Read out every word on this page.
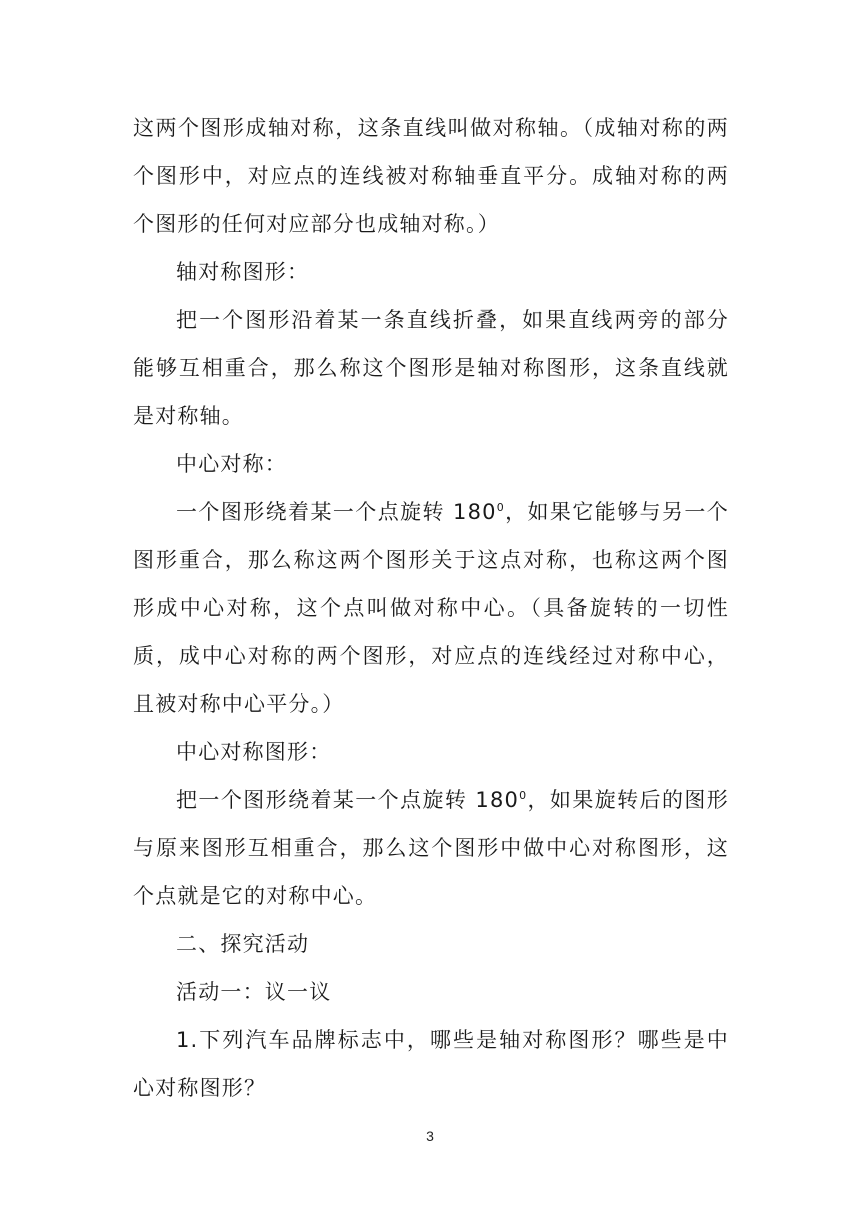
这两个图形成轴对称，这条直线叫做对称轴。（成轴对称的两个图形中，对应点的连线被对称轴垂直平分。成轴对称的两个图形的任何对应部分也成轴对称。）

轴对称图形：

把一个图形沿着某一条直线折叠，如果直线两旁的部分能够互相重合，那么称这个图形是轴对称图形，这条直线就是对称轴。

中心对称：

一个图形绕着某一个点旋转 $180^0$，如果它能够与另一个图形重合，那么称这两个图形关于这点对称，也称这两个图形成中心对称，这个点叫做对称中心。（具备旋转的一切性质，成中心对称的两个图形，对应点的连线经过对称中心，且被对称中心平分。）

中心对称图形：

把一个图形绕着某一个点旋转 $180^0$，如果旋转后的图形与原来图形互相重合，那么这个图形中做中心对称图形，这个点就是它的对称中心。

二、探究活动

活动一：议一议

1.下列汽车品牌标志中，哪些是轴对称图形？哪些是中心对称图形？

3
